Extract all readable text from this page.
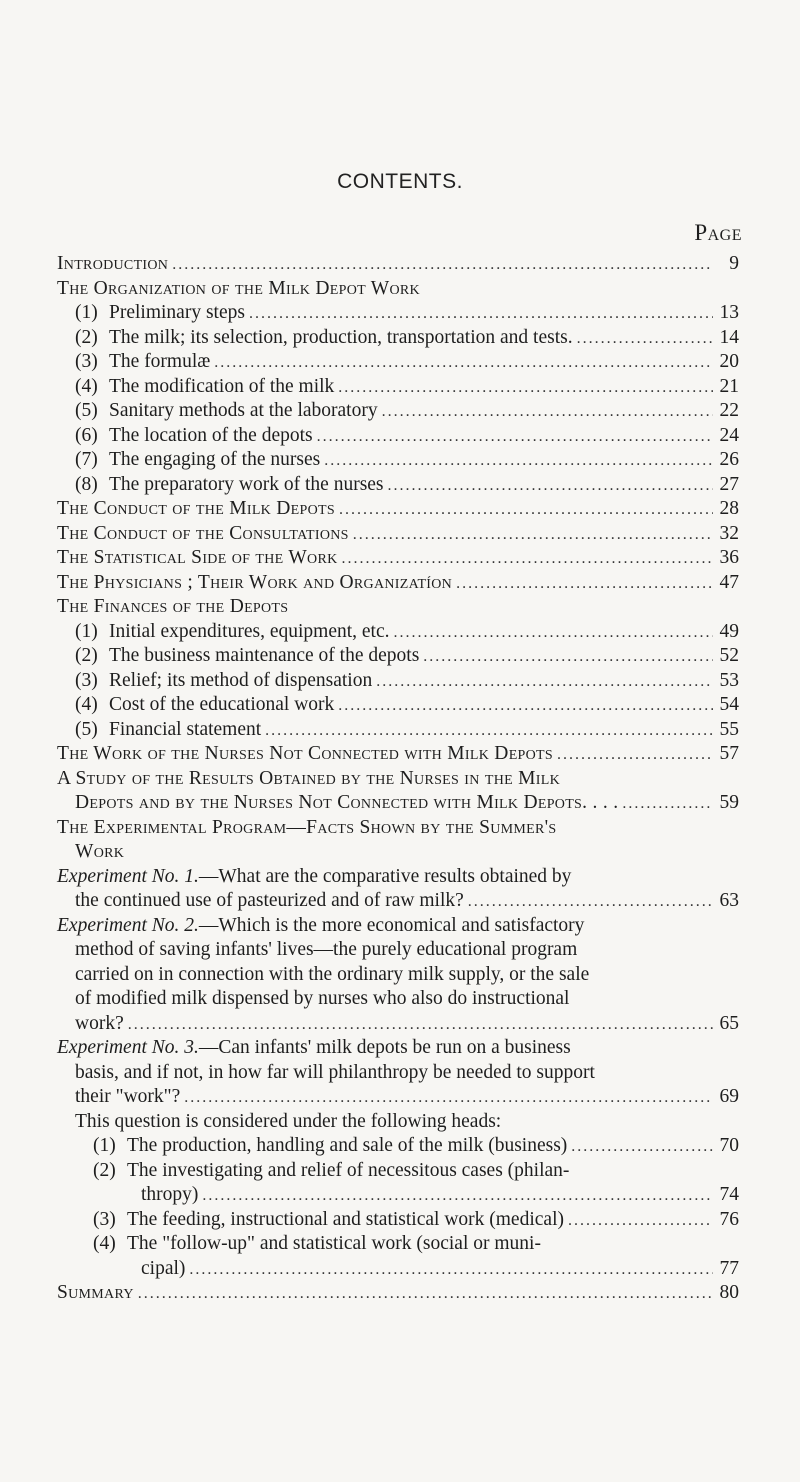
CONTENTS.
Page
Introduction .....	9
The Organization of the Milk Depot Work
(1) Preliminary steps .....	13
(2) The milk; its selection, production, transportation and tests. .....	14
(3) The formulæ .....	20
(4) The modification of the milk .....	21
(5) Sanitary methods at the laboratory .....	22
(6) The location of the depots .....	24
(7) The engaging of the nurses .....	26
(8) The preparatory work of the nurses .....	27
The Conduct of the Milk Depots .....	28
The Conduct of the Consultations .....	32
The Statistical Side of the Work .....	36
The Physicians ; Their Work and Organizatíon .....	47
The Finances of the Depots
(1) Initial expenditures, equipment, etc. .....	49
(2) The business maintenance of the depots .....	52
(3) Relief; its method of dispensation .....	53
(4) Cost of the educational work .....	54
(5) Financial statement .....	55
The Work of the Nurses Not Connected with Milk Depots .....	57
A Study of the Results Obtained by the Nurses in the Milk
Depots and by the Nurses Not Connected with Milk Depots. . . . .....	59
The Experimental Program—Facts Shown by the Summer's
Work
Experiment No. 1.—What are the comparative results obtained by
the continued use of pasteurized and of raw milk? .....	63
Experiment No. 2.—Which is the more economical and satisfactory
method of saving infants' lives—the purely educational program
carried on in connection with the ordinary milk supply, or the sale
of modified milk dispensed by nurses who also do instructional
work? .....	65
Experiment No. 3.—Can infants' milk depots be run on a business
basis, and if not, in how far will philanthropy be needed to support
their "work"? .....	69
This question is considered under the following heads:
(1) The production, handling and sale of the milk (business) .....	70
(2) The investigating and relief of necessitous cases (philan-
thropy) .....	74
(3) The feeding, instructional and statistical work (medical) .....	76
(4) The "follow-up" and statistical work (social or muni-
cipal) .....	77
Summary .....	80
